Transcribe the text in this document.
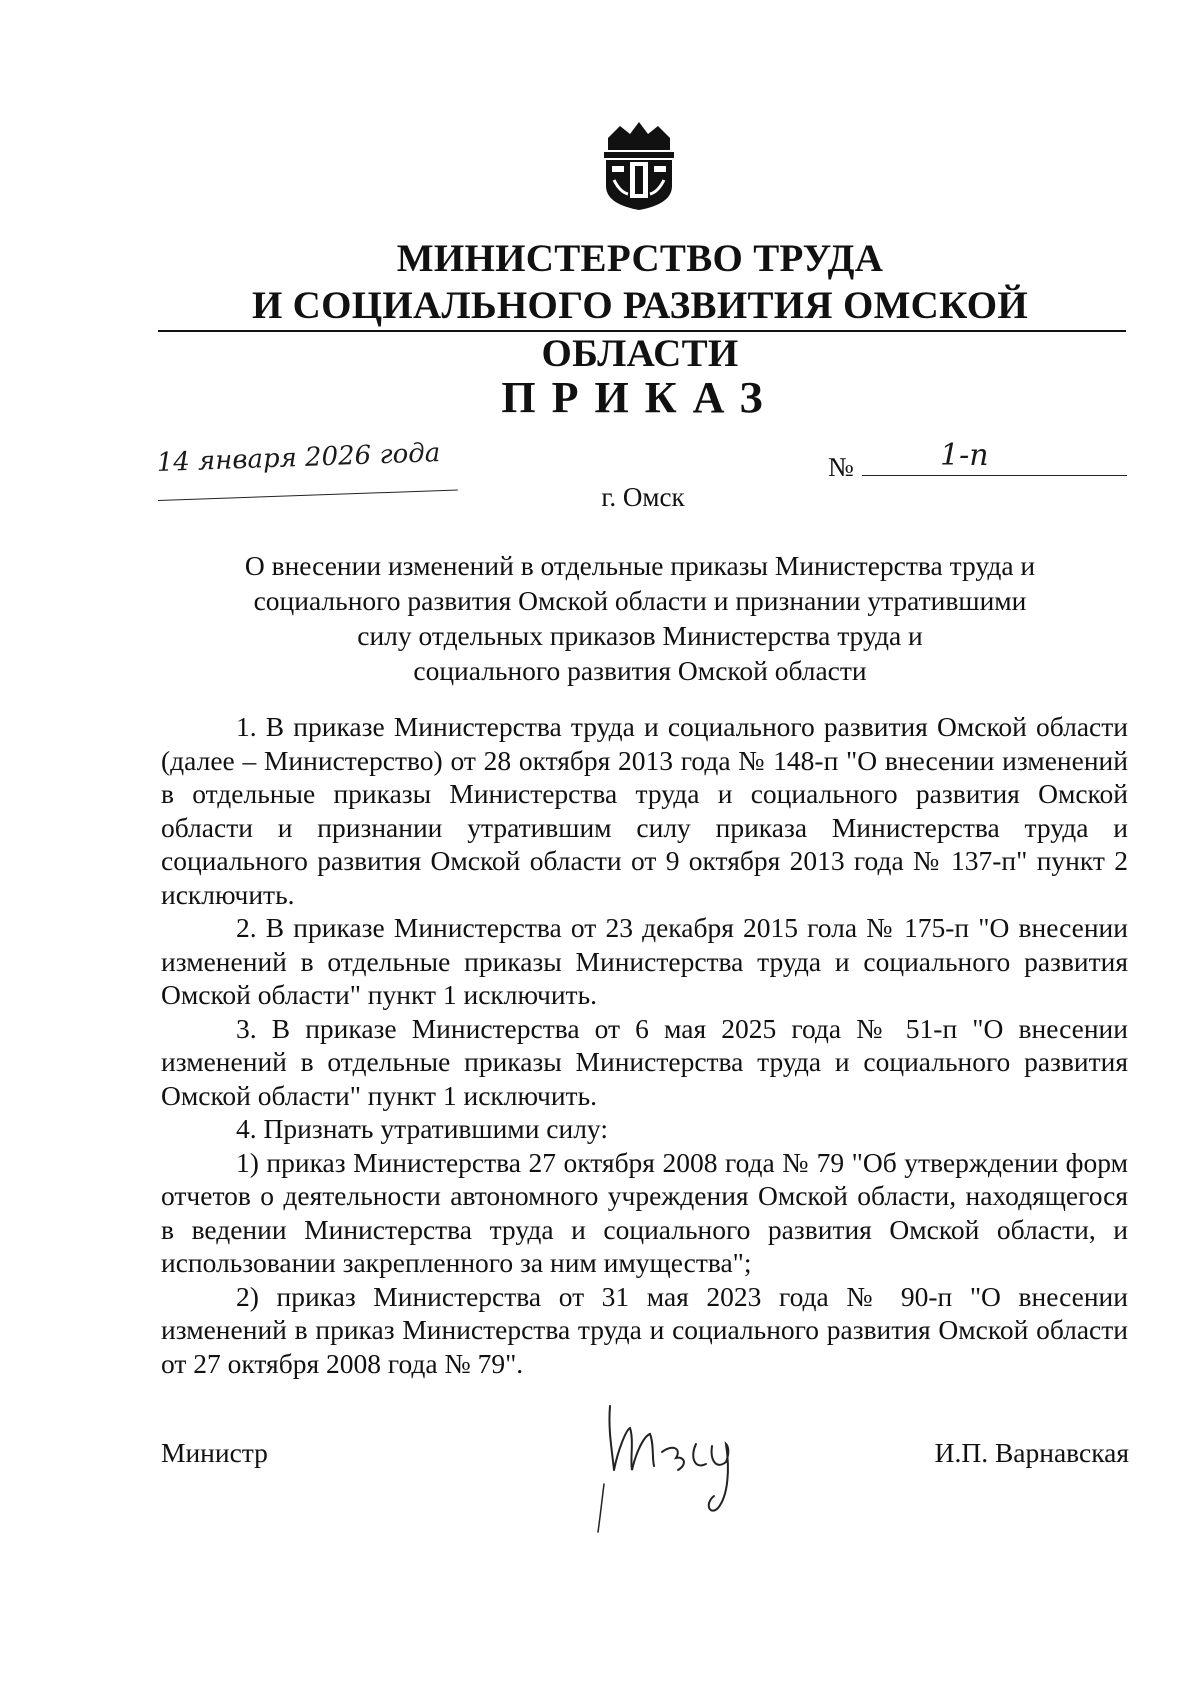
МИНИСТЕРСТВО ТРУДА
И СОЦИАЛЬНОГО РАЗВИТИЯ ОМСКОЙ ОБЛАСТИ
ПРИКАЗ
14 января 2026 года	№	1-п
г. Омск
О внесении изменений в отдельные приказы Министерства труда и
социального развития Омской области и признании утратившими
силу отдельных приказов Министерства труда и
социального развития Омской области

1. В приказе Министерства труда и социального развития Омской области (далее – Министерство) от 28 октября 2013 года № 148-п "О внесении изменений в отдельные приказы Министерства труда и социального развития Омской области и признании утратившим силу приказа Министерства труда и социального развития Омской области от 9 октября 2013 года № 137-п" пункт 2 исключить.

2. В приказе Министерства от 23 декабря 2015 гола № 175-п "О внесении изменений в отдельные приказы Министерства труда и социального развития Омской области" пункт 1 исключить.

3. В приказе Министерства от 6 мая 2025 года № 51-п "О внесении изменений в отдельные приказы Министерства труда и социального развития Омской области" пункт 1 исключить.

4. Признать утратившими силу:

1) приказ Министерства 27 октября 2008 года № 79 "Об утверждении форм отчетов о деятельности автономного учреждения Омской области, находящегося в ведении Министерства труда и социального развития Омской области, и использовании закрепленного за ним имущества";

2) приказ Министерства от 31 мая 2023 года № 90-п "О внесении изменений в приказ Министерства труда и социального развития Омской области от 27 октября 2008 года № 79".

Министр	И.П. Варнавская
